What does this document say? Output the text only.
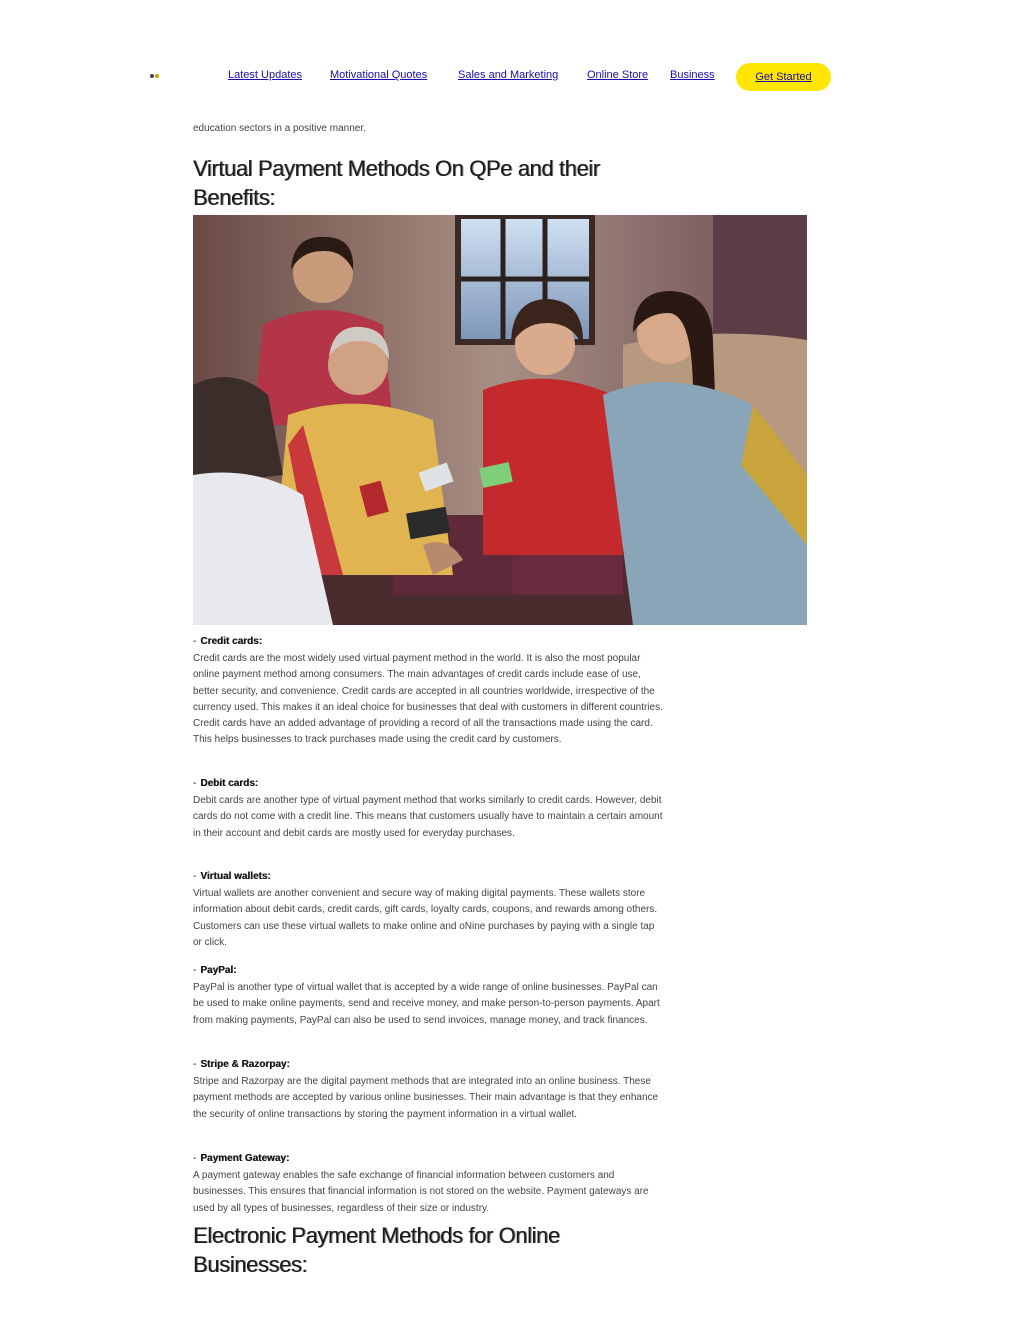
Latest Updates	Motivational Quotes	Sales and Marketing	Online Store Business	Get Started

education sectors in a positive manner.

Virtual Payment Methods On QPe and their Benefits:

- Credit cards:

Credit cards are the most widely used virtual payment method in the world. It is also the most popular online payment method among consumers. The main advantages of credit cards include ease of use, better security, and convenience. Credit cards are accepted in all countries worldwide, irrespective of the currency used. This makes it an ideal choice for businesses that deal with customers in different countries. Credit cards have an added advantage of providing a record of all the transactions made using the card. This helps businesses to track purchases made using the credit card by customers.

- Debit cards:

Debit cards are another type of virtual payment method that works similarly to credit cards. However, debit cards do not come with a credit line. This means that customers usually have to maintain a certain amount in their account and debit cards are mostly used for everyday purchases.

- Virtual wallets:

Virtual wallets are another convenient and secure way of making digital payments. These wallets store information about debit cards, credit cards, gift cards, loyalty cards, coupons, and rewards among others. Customers can use these virtual wallets to make online and oNine purchases by paying with a single tap or click.

- PayPal:

PayPal is another type of virtual wallet that is accepted by a wide range of online businesses. PayPal can be used to make online payments, send and receive money, and make person-to-person payments. Apart from making payments, PayPal can also be used to send invoices, manage money, and track finances.

- Stripe & Razorpay:

Stripe and Razorpay are the digital payment methods that are integrated into an online business. These payment methods are accepted by various online businesses. Their main advantage is that they enhance the security of online transactions by storing the payment information in a virtual wallet.

- Payment Gateway:

A payment gateway enables the safe exchange of financial information between customers and businesses. This ensures that financial information is not stored on the website. Payment gateways are used by all types of businesses, regardless of their size or industry.

Electronic Payment Methods for Online Businesses:
